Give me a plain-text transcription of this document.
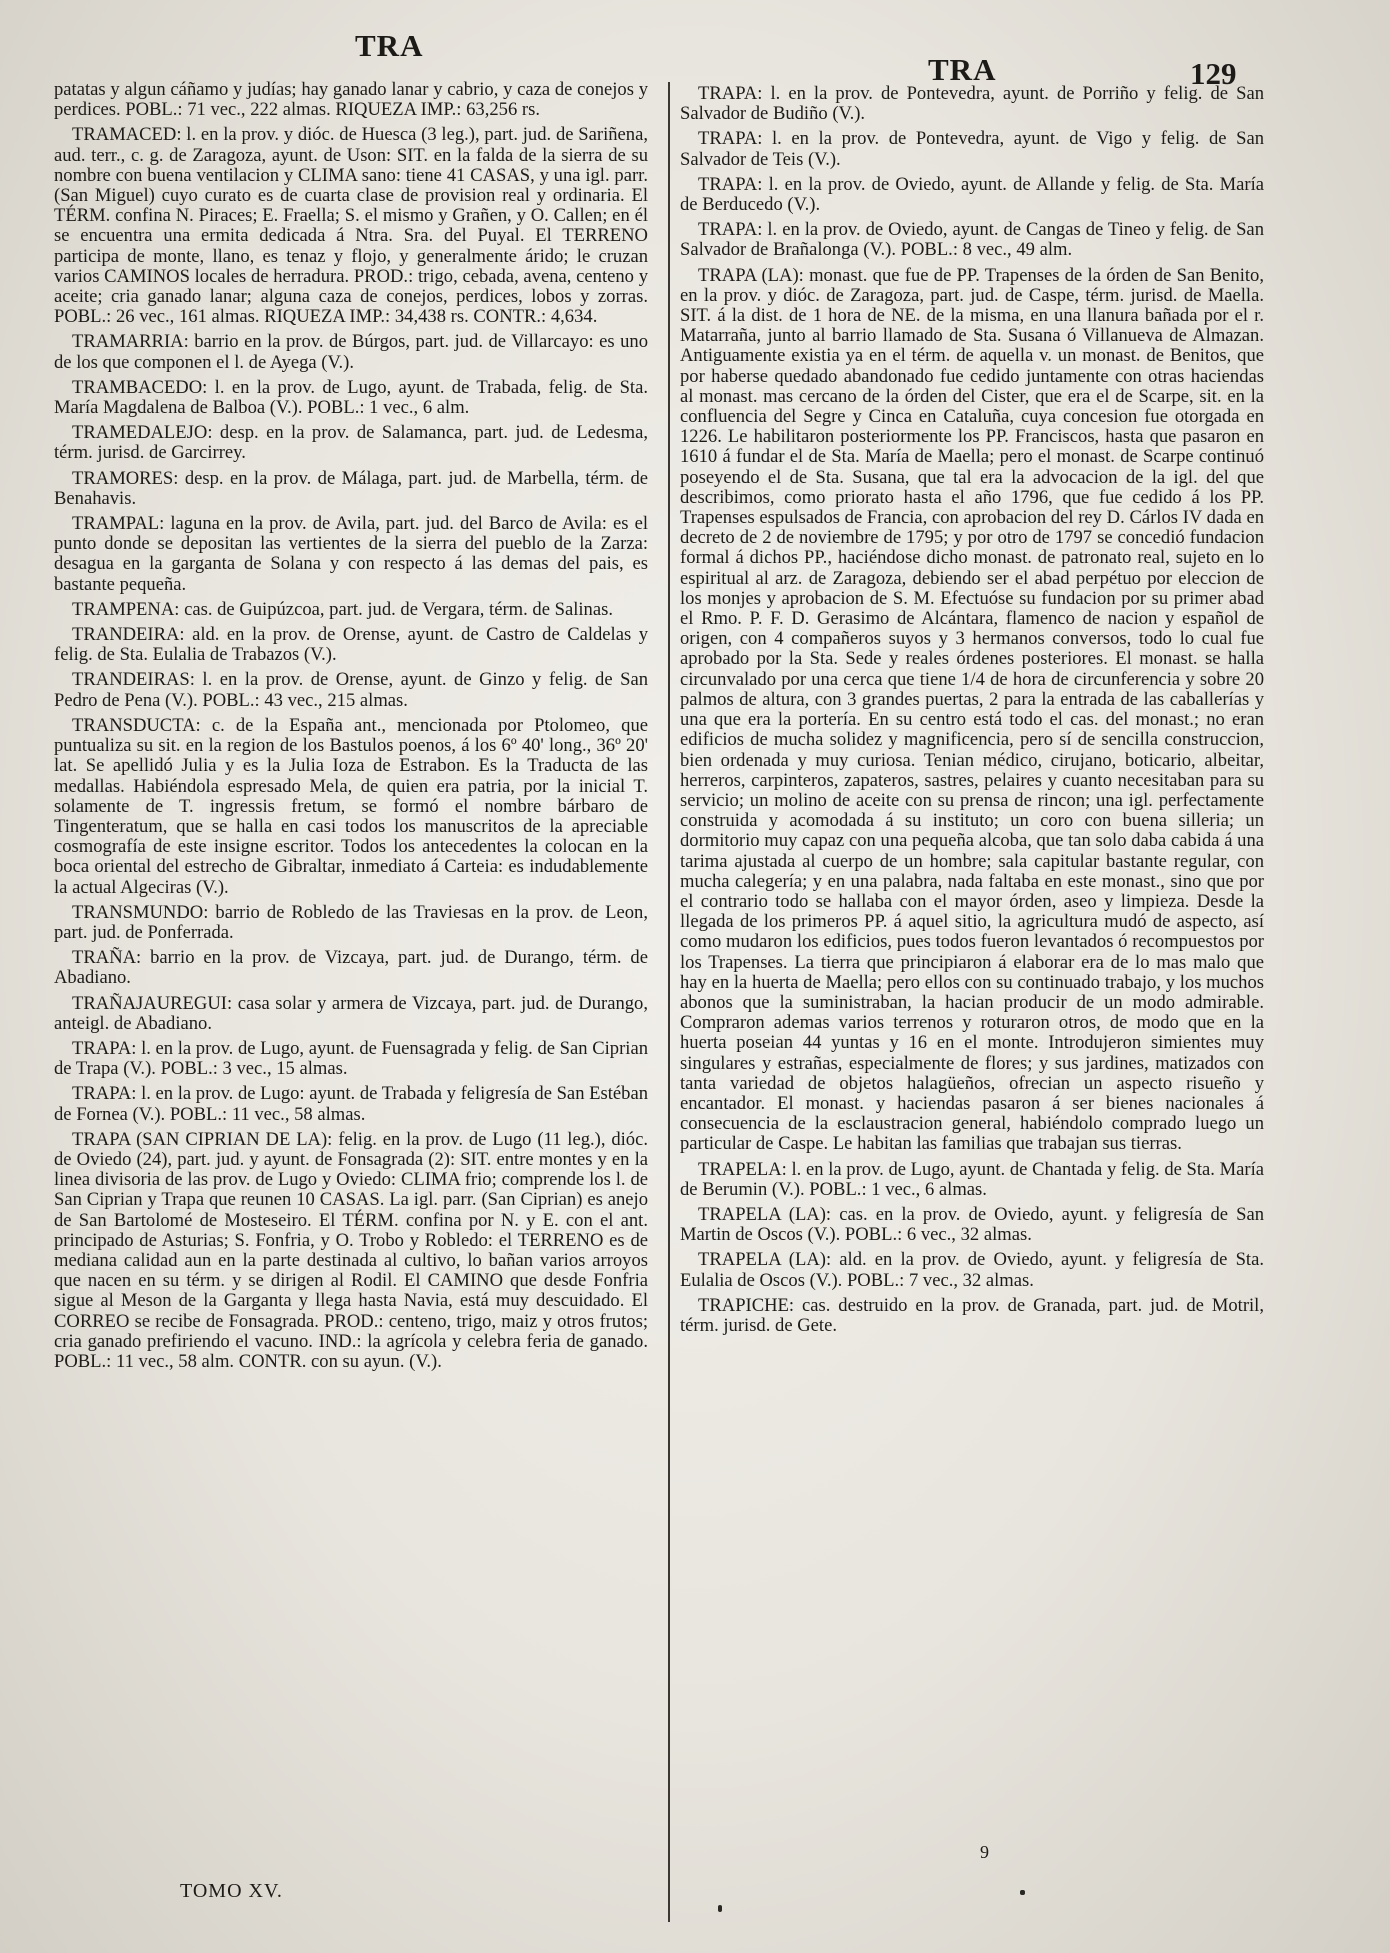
TRA
TRA	129

patatas y algun cáñamo y judías; hay ganado lanar y cabrio, y caza de conejos y perdices. POBL.: 71 vec., 222 almas. RIQUEZA IMP.: 63,256 rs.

TRAMACED: l. en la prov. y dióc. de Huesca (3 leg.), part. jud. de Sariñena, aud. terr., c. g. de Zaragoza, ayunt. de Uson: SIT. en la falda de la sierra de su nombre con buena ventilacion y CLIMA sano: tiene 41 CASAS, y una igl. parr. (San Miguel) cuyo curato es de cuarta clase de provision real y ordinaria. El TÉRM. confina N. Piraces; E. Fraella; S. el mismo y Grañen, y O. Callen; en él se encuentra una ermita dedicada á Ntra. Sra. del Puyal. El TERRENO participa de monte, llano, es tenaz y flojo, y generalmente árido; le cruzan varios CAMINOS locales de herradura. PROD.: trigo, cebada, avena, centeno y aceite; cria ganado lanar; alguna caza de conejos, perdices, lobos y zorras. POBL.: 26 vec., 161 almas. RIQUEZA IMP.: 34,438 rs. CONTR.: 4,634.

TRAMARRIA: barrio en la prov. de Búrgos, part. jud. de Villarcayo: es uno de los que componen el l. de Ayega (V.).

TRAMBACEDO: l. en la prov. de Lugo, ayunt. de Trabada, felig. de Sta. María Magdalena de Balboa (V.). POBL.: 1 vec., 6 alm.

TRAMEDALEJO: desp. en la prov. de Salamanca, part. jud. de Ledesma, térm. jurisd. de Garcirrey.

TRAMORES: desp. en la prov. de Málaga, part. jud. de Marbella, térm. de Benahavis.

TRAMPAL: laguna en la prov. de Avila, part. jud. del Barco de Avila: es el punto donde se depositan las vertientes de la sierra del pueblo de la Zarza: desagua en la garganta de Solana y con respecto á las demas del pais, es bastante pequeña.

TRAMPENA: cas. de Guipúzcoa, part. jud. de Vergara, térm. de Salinas.

TRANDEIRA: ald. en la prov. de Orense, ayunt. de Castro de Caldelas y felig. de Sta. Eulalia de Trabazos (V.).

TRANDEIRAS: l. en la prov. de Orense, ayunt. de Ginzo y felig. de San Pedro de Pena (V.). POBL.: 43 vec., 215 almas.

TRANSDUCTA: c. de la España ant., mencionada por Ptolomeo, que puntualiza su sit. en la region de los Bastulos poenos, á los 6º 40' long., 36º 20' lat. Se apellidó Julia y es la Julia Ioza de Estrabon. Es la Traducta de las medallas. Habiéndola espresado Mela, de quien era patria, por la inicial T. solamente de T. ingressis fretum, se formó el nombre bárbaro de Tingenteratum, que se halla en casi todos los manuscritos de la apreciable cosmografía de este insigne escritor. Todos los antecedentes la colocan en la boca oriental del estrecho de Gibraltar, inmediato á Carteia: es indudablemente la actual Algeciras (V.).

TRANSMUNDO: barrio de Robledo de las Traviesas en la prov. de Leon, part. jud. de Ponferrada.

TRAÑA: barrio en la prov. de Vizcaya, part. jud. de Durango, térm. de Abadiano.

TRAÑAJAUREGUI: casa solar y armera de Vizcaya, part. jud. de Durango, anteigl. de Abadiano.

TRAPA: l. en la prov. de Lugo, ayunt. de Fuensagrada y felig. de San Ciprian de Trapa (V.). POBL.: 3 vec., 15 almas.

TRAPA: l. en la prov. de Lugo: ayunt. de Trabada y feligresía de San Estéban de Fornea (V.). POBL.: 11 vec., 58 almas.

TRAPA (SAN CIPRIAN DE LA): felig. en la prov. de Lugo (11 leg.), dióc. de Oviedo (24), part. jud. y ayunt. de Fonsagrada (2): SIT. entre montes y en la linea divisoria de las prov. de Lugo y Oviedo: CLIMA frio; comprende los l. de San Ciprian y Trapa que reunen 10 CASAS. La igl. parr. (San Ciprian) es anejo de San Bartolomé de Mosteseiro. El TÉRM. confina por N. y E. con el ant. principado de Asturias; S. Fonfria, y O. Trobo y Robledo: el TERRENO es de mediana calidad aun en la parte destinada al cultivo, lo bañan varios arroyos que nacen en su térm. y se dirigen al Rodil. El CAMINO que desde Fonfria sigue al Meson de la Garganta y llega hasta Navia, está muy descuidado. El CORREO se recibe de Fonsagrada. PROD.: centeno, trigo, maiz y otros frutos; cria ganado prefiriendo el vacuno. IND.: la agrícola y celebra feria de ganado. POBL.: 11 vec., 58 alm. CONTR. con su ayun. (V.).

TRAPA: l. en la prov. de Pontevedra, ayunt. de Porriño y felig. de San Salvador de Budiño (V.).

TRAPA: l. en la prov. de Pontevedra, ayunt. de Vigo y felig. de San Salvador de Teis (V.).

TRAPA: l. en la prov. de Oviedo, ayunt. de Allande y felig. de Sta. María de Berducedo (V.).

TRAPA: l. en la prov. de Oviedo, ayunt. de Cangas de Tineo y felig. de San Salvador de Brañalonga (V.). POBL.: 8 vec., 49 alm.

TRAPA (LA): monast. que fue de PP. Trapenses de la órden de San Benito, en la prov. y dióc. de Zaragoza, part. jud. de Caspe, térm. jurisd. de Maella. SIT. á la dist. de 1 hora de NE. de la misma, en una llanura bañada por el r. Matarraña, junto al barrio llamado de Sta. Susana ó Villanueva de Almazan. Antiguamente existia ya en el térm. de aquella v. un monast. de Benitos, que por haberse quedado abandonado fue cedido juntamente con otras haciendas al monast. mas cercano de la órden del Cister, que era el de Scarpe, sit. en la confluencia del Segre y Cinca en Cataluña, cuya concesion fue otorgada en 1226. Le habilitaron posteriormente los PP. Franciscos, hasta que pasaron en 1610 á fundar el de Sta. María de Maella; pero el monast. de Scarpe continuó poseyendo el de Sta. Susana, que tal era la advocacion de la igl. del que describimos, como priorato hasta el año 1796, que fue cedido á los PP. Trapenses espulsados de Francia, con aprobacion del rey D. Cárlos IV dada en decreto de 2 de noviembre de 1795; y por otro de 1797 se concedió fundacion formal á dichos PP., haciéndose dicho monast. de patronato real, sujeto en lo espiritual al arz. de Zaragoza, debiendo ser el abad perpétuo por eleccion de los monjes y aprobacion de S. M. Efectuóse su fundacion por su primer abad el Rmo. P. F. D. Gerasimo de Alcántara, flamenco de nacion y español de origen, con 4 compañeros suyos y 3 hermanos conversos, todo lo cual fue aprobado por la Sta. Sede y reales órdenes posteriores. El monast. se halla circunvalado por una cerca que tiene 1/4 de hora de circunferencia y sobre 20 palmos de altura, con 3 grandes puertas, 2 para la entrada de las caballerías y una que era la portería. En su centro está todo el cas. del monast.; no eran edificios de mucha solidez y magnificencia, pero sí de sencilla construccion, bien ordenada y muy curiosa. Tenian médico, cirujano, boticario, albeitar, herreros, carpinteros, zapateros, sastres, pelaires y cuanto necesitaban para su servicio; un molino de aceite con su prensa de rincon; una igl. perfectamente construida y acomodada á su instituto; un coro con buena silleria; un dormitorio muy capaz con una pequeña alcoba, que tan solo daba cabida á una tarima ajustada al cuerpo de un hombre; sala capitular bastante regular, con mucha calegería; y en una palabra, nada faltaba en este monast., sino que por el contrario todo se hallaba con el mayor órden, aseo y limpieza. Desde la llegada de los primeros PP. á aquel sitio, la agricultura mudó de aspecto, así como mudaron los edificios, pues todos fueron levantados ó recompuestos por los Trapenses. La tierra que principiaron á elaborar era de lo mas malo que hay en la huerta de Maella; pero ellos con su continuado trabajo, y los muchos abonos que la suministraban, la hacian producir de un modo admirable. Compraron ademas varios terrenos y roturaron otros, de modo que en la huerta poseian 44 yuntas y 16 en el monte. Introdujeron simientes muy singulares y estrañas, especialmente de flores; y sus jardines, matizados con tanta variedad de objetos halagüeños, ofrecian un aspecto risueño y encantador. El monast. y haciendas pasaron á ser bienes nacionales á consecuencia de la esclaustracion general, habiéndolo comprado luego un particular de Caspe. Le habitan las familias que trabajan sus tierras.

TRAPELA: l. en la prov. de Lugo, ayunt. de Chantada y felig. de Sta. María de Berumin (V.). POBL.: 1 vec., 6 almas.

TRAPELA (LA): cas. en la prov. de Oviedo, ayunt. y feligresía de San Martin de Oscos (V.). POBL.: 6 vec., 32 almas.

TRAPELA (LA): ald. en la prov. de Oviedo, ayunt. y feligresía de Sta. Eulalia de Oscos (V.). POBL.: 7 vec., 32 almas.

TRAPICHE: cas. destruido en la prov. de Granada, part. jud. de Motril, térm. jurisd. de Gete.

TOMO XV.
9
